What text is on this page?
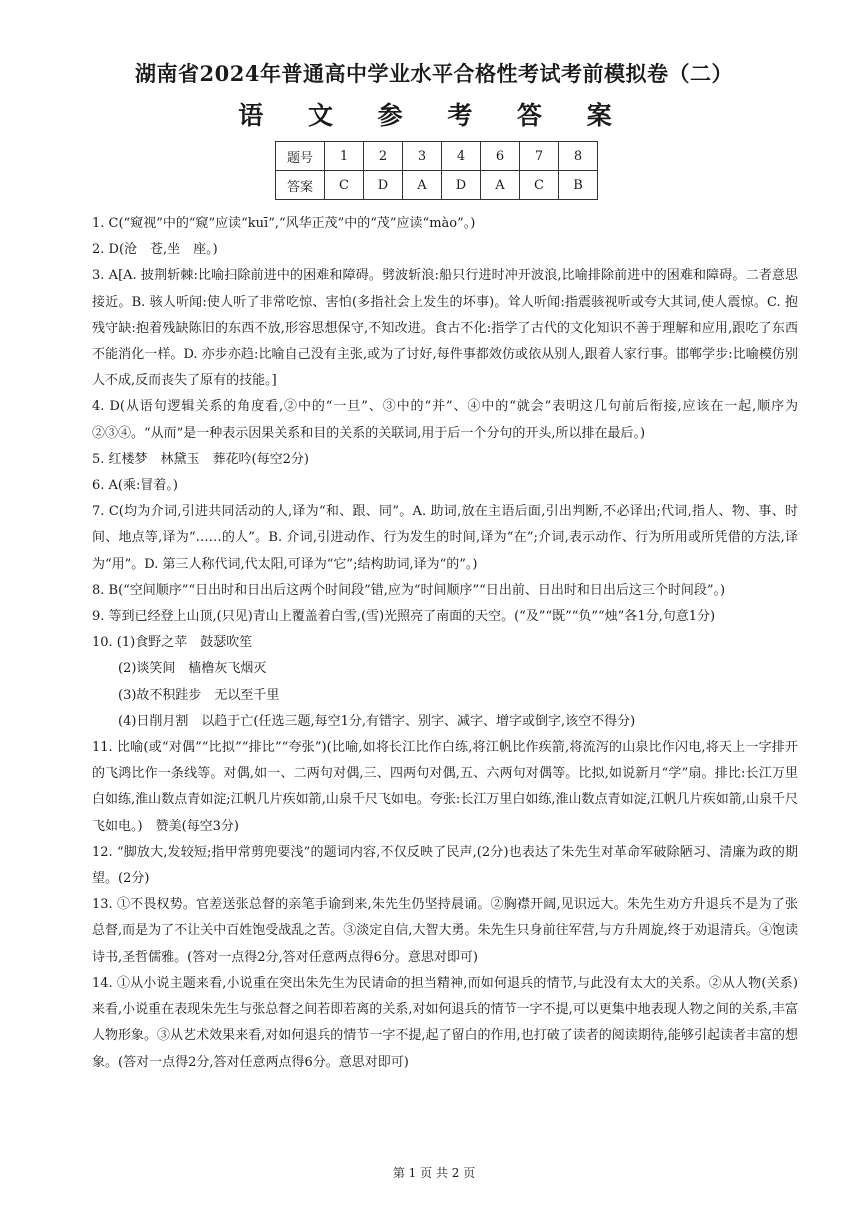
湖南省2024年普通高中学业水平合格性考试考前模拟卷（二）
语 文 参 考 答 案
题号	1	2	3	4	6	7	8
答案	C	D	A	D	A	C	B

1. C(“窥视”中的“窥”应读“kuī”,“风华正茂”中的“茂”应读“mào”。)

2. D(沧　苍,坐　座。)

3. A[A. 披荆斩棘:比喻扫除前进中的困难和障碍。劈波斩浪:船只行进时冲开波浪,比喻排除前进中的困难和障碍。二者意思接近。B. 骇人听闻:使人听了非常吃惊、害怕(多指社会上发生的坏事)。耸人听闻:指震骇视听或夸大其词,使人震惊。C. 抱残守缺:抱着残缺陈旧的东西不放,形容思想保守,不知改进。食古不化:指学了古代的文化知识不善于理解和应用,跟吃了东西不能消化一样。D. 亦步亦趋:比喻自己没有主张,或为了讨好,每件事都效仿或依从别人,跟着人家行事。邯郸学步:比喻模仿别人不成,反而丧失了原有的技能。]

4. D(从语句逻辑关系的角度看,②中的“一旦”、③中的“并”、④中的“就会”表明这几句前后衔接,应该在一起,顺序为②③④。“从而”是一种表示因果关系和目的关系的关联词,用于后一个分句的开头,所以排在最后。)

5. 红楼梦　林黛玉　葬花吟(每空2分)

6. A(乘:冒着。)

7. C(均为介词,引进共同活动的人,译为“和、跟、同”。A. 助词,放在主语后面,引出判断,不必译出;代词,指人、物、事、时间、地点等,译为“……的人”。B. 介词,引进动作、行为发生的时间,译为“在”;介词,表示动作、行为所用或所凭借的方法,译为“用”。D. 第三人称代词,代太阳,可译为“它”;结构助词,译为“的”。)

8. B(“空间顺序”“日出时和日出后这两个时间段”错,应为“时间顺序”“日出前、日出时和日出后这三个时间段”。)

9. 等到已经登上山顶,(只见)青山上覆盖着白雪,(雪)光照亮了南面的天空。(“及”“既”“负”“烛”各1分,句意1分)

10. (1)食野之苹　鼓瑟吹笙

(2)谈笑间　樯橹灰飞烟灭

(3)故不积跬步　无以至千里

(4)日削月割　以趋于亡(任选三题,每空1分,有错字、别字、减字、增字或倒字,该空不得分)

11. 比喻(或“对偶”“比拟”“排比”“夸张”)(比喻,如将长江比作白练,将江帆比作疾箭,将流泻的山泉比作闪电,将天上一字排开的飞鸿比作一条线等。对偶,如一、二两句对偶,三、四两句对偶,五、六两句对偶等。比拟,如说新月“学”扇。排比:长江万里白如练,淮山数点青如淀;江帆几片疾如箭,山泉千尺飞如电。夸张:长江万里白如练,淮山数点青如淀,江帆几片疾如箭,山泉千尺飞如电。)　赞美(每空3分)

12. “脚放大,发较短;指甲常剪兜要浅”的题词内容,不仅反映了民声,(2分)也表达了朱先生对革命军破除陋习、清廉为政的期望。(2分)

13. ①不畏权势。官差送张总督的亲笔手谕到来,朱先生仍坚持晨诵。②胸襟开阔,见识远大。朱先生劝方升退兵不是为了张总督,而是为了不让关中百姓饱受战乱之苦。③淡定自信,大智大勇。朱先生只身前往军营,与方升周旋,终于劝退清兵。④饱读诗书,圣哲儒雅。(答对一点得2分,答对任意两点得6分。意思对即可)

14. ①从小说主题来看,小说重在突出朱先生为民请命的担当精神,而如何退兵的情节,与此没有太大的关系。②从人物(关系)来看,小说重在表现朱先生与张总督之间若即若离的关系,对如何退兵的情节一字不提,可以更集中地表现人物之间的关系,丰富人物形象。③从艺术效果来看,对如何退兵的情节一字不提,起了留白的作用,也打破了读者的阅读期待,能够引起读者丰富的想象。(答对一点得2分,答对任意两点得6分。意思对即可)

第 1 页 共 2 页
